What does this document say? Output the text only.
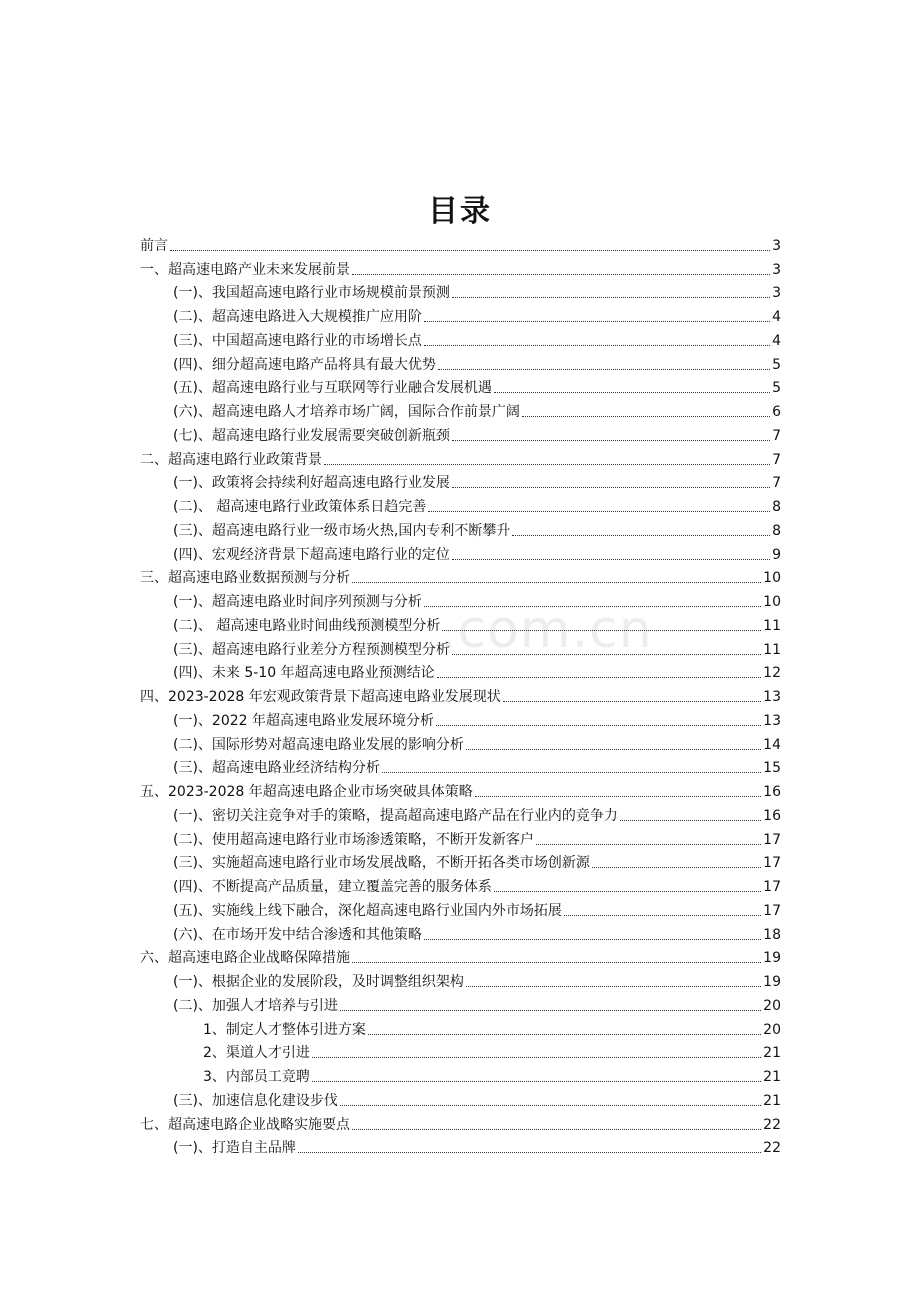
目录
.com.cn
前言	3
一、超高速电路产业未来发展前景	3
(一)、我国超高速电路行业市场规模前景预测	3
(二)、超高速电路进入大规模推广应用阶	4
(三)、中国超高速电路行业的市场增长点	4
(四)、细分超高速电路产品将具有最大优势	5
(五)、超高速电路行业与互联网等行业融合发展机遇	5
(六)、超高速电路人才培养市场广阔，国际合作前景广阔	6
(七)、超高速电路行业发展需要突破创新瓶颈	7
二、超高速电路行业政策背景	7
(一)、政策将会持续利好超高速电路行业发展	7
(二)、 超高速电路行业政策体系日趋完善	8
(三)、超高速电路行业一级市场火热,国内专利不断攀升	8
(四)、宏观经济背景下超高速电路行业的定位	9
三、超高速电路业数据预测与分析	10
(一)、超高速电路业时间序列预测与分析	10
(二)、 超高速电路业时间曲线预测模型分析	11
(三)、超高速电路行业差分方程预测模型分析	11
(四)、未来 5-10 年超高速电路业预测结论	12
四、2023-2028 年宏观政策背景下超高速电路业发展现状	13
(一)、2022 年超高速电路业发展环境分析	13
(二)、国际形势对超高速电路业发展的影响分析	14
(三)、超高速电路业经济结构分析	15
五、2023-2028 年超高速电路企业市场突破具体策略	16
(一)、密切关注竞争对手的策略，提高超高速电路产品在行业内的竞争力	16
(二)、使用超高速电路行业市场渗透策略，不断开发新客户	17
(三)、实施超高速电路行业市场发展战略，不断开拓各类市场创新源	17
(四)、不断提高产品质量，建立覆盖完善的服务体系	17
(五)、实施线上线下融合，深化超高速电路行业国内外市场拓展	17
(六)、在市场开发中结合渗透和其他策略	18
六、超高速电路企业战略保障措施	19
(一)、根据企业的发展阶段，及时调整组织架构	19
(二)、加强人才培养与引进	20
1、制定人才整体引进方案	20
2、渠道人才引进	21
3、内部员工竞聘	21
(三)、加速信息化建设步伐	21
七、超高速电路企业战略实施要点	22
(一)、打造自主品牌	22
